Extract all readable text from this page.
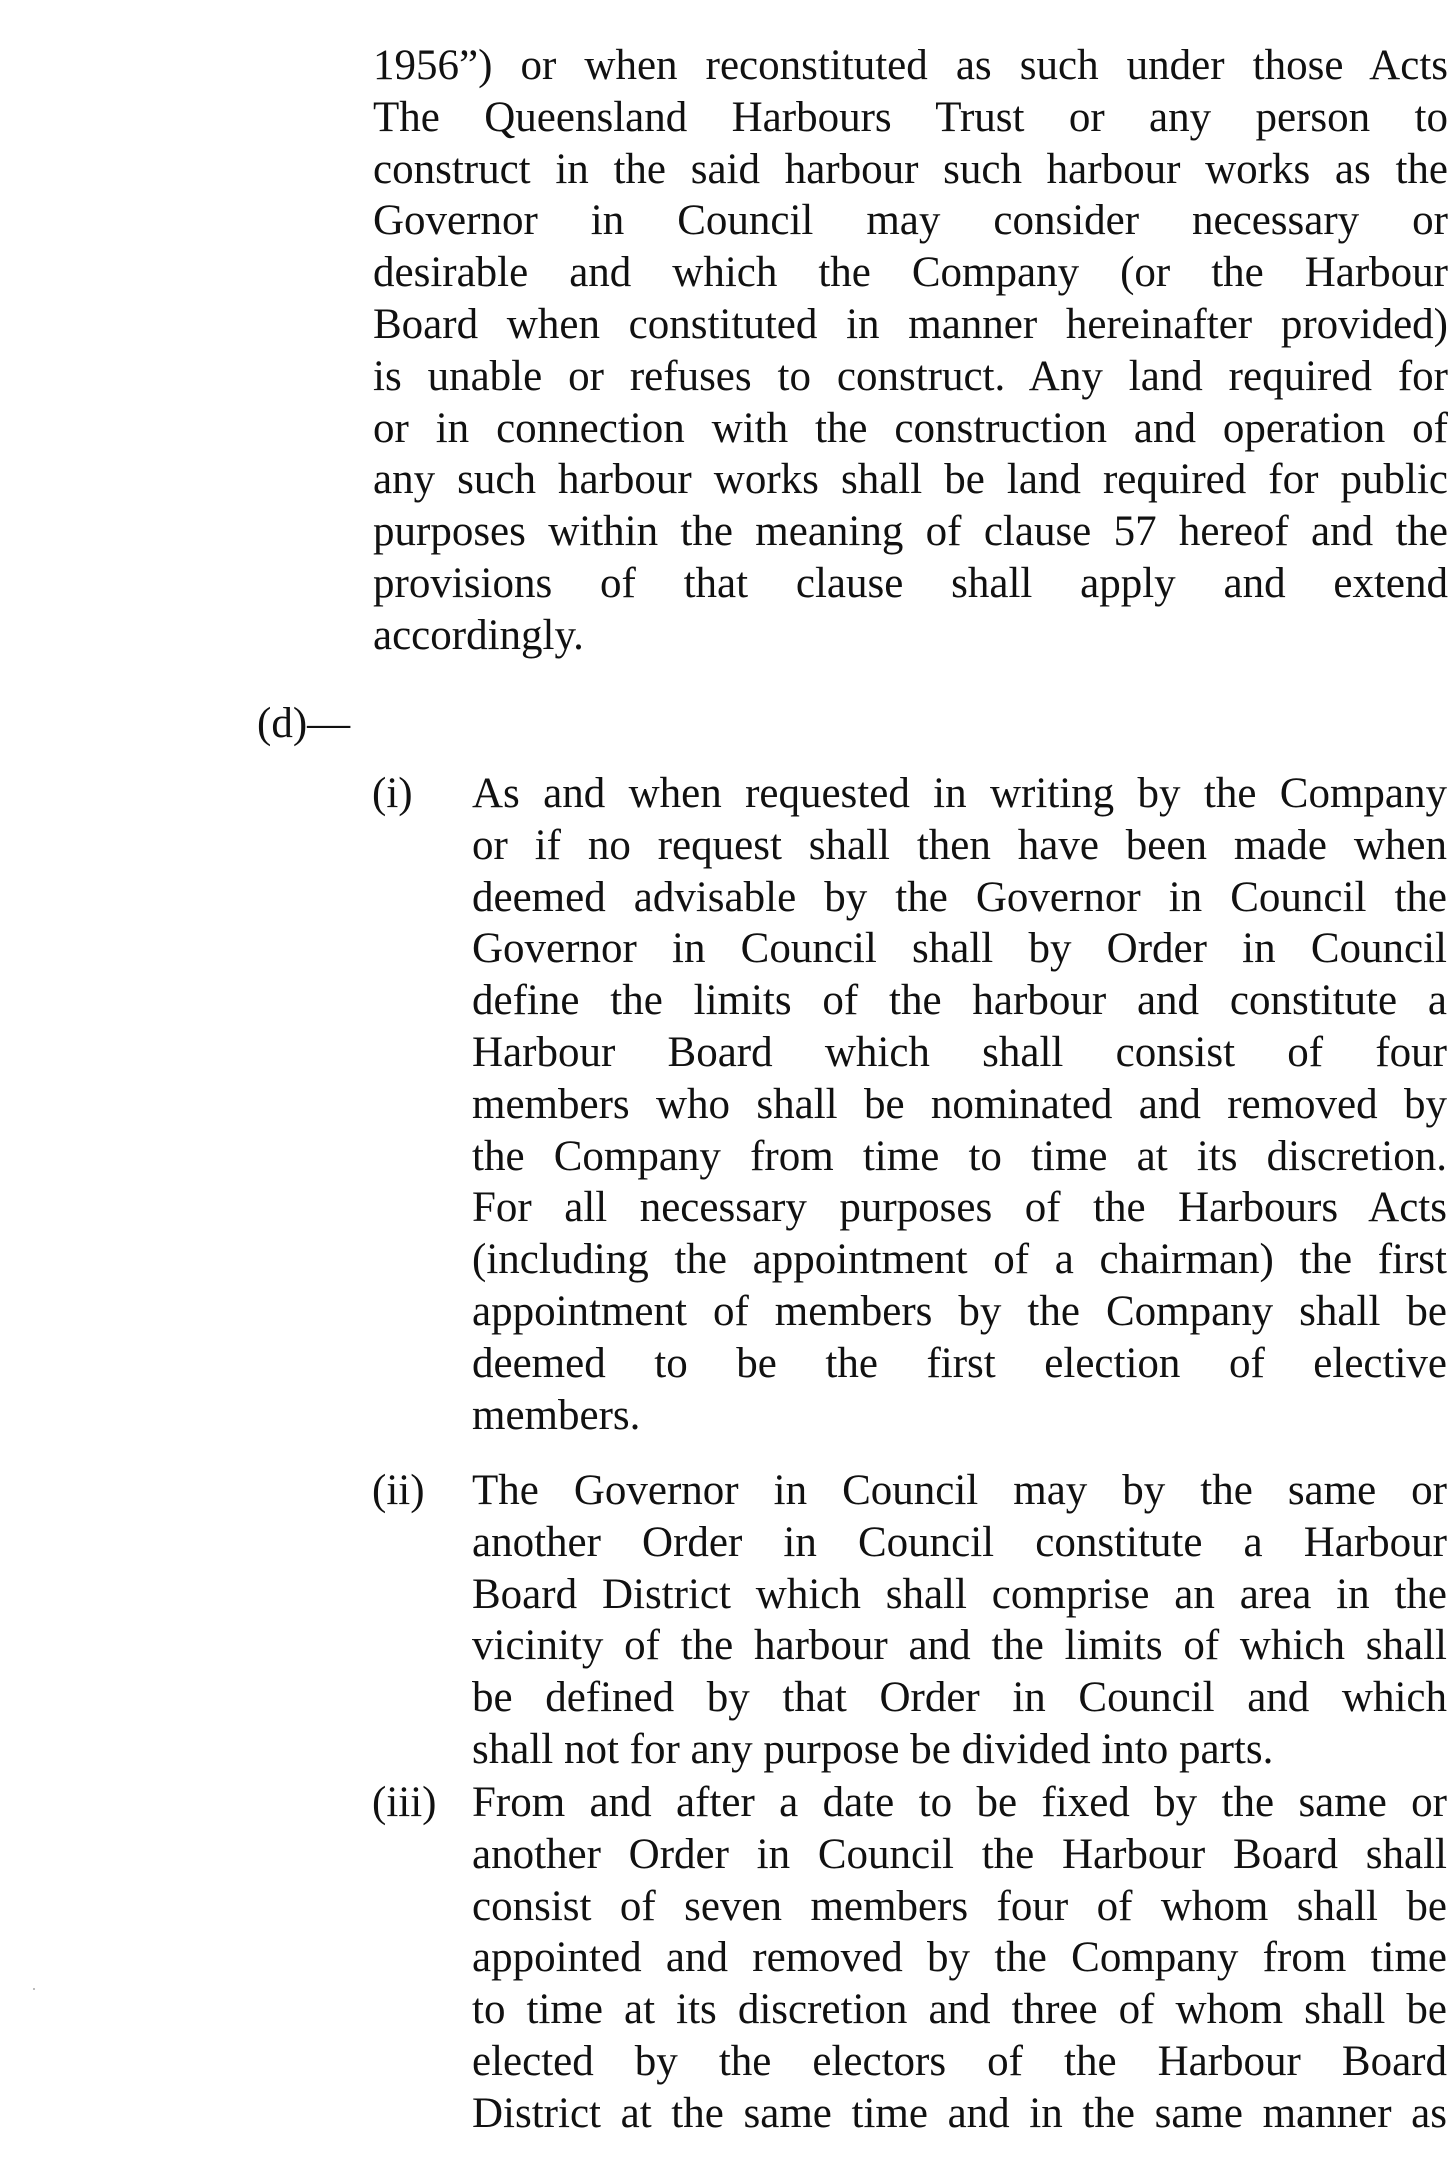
1956”) or when reconstituted as such under those Acts
The Queensland Harbours Trust or any person to
construct in the said harbour such harbour works as the
Governor in Council may consider necessary or
desirable and which the Company (or the Harbour
Board when constituted in manner hereinafter provided)
is unable or refuses to construct. Any land required for
or in connection with the construction and operation of
any such harbour works shall be land required for public
purposes within the meaning of clause 57 hereof and the
provisions of that clause shall apply and extend
accordingly.
(d)—
(i) As and when requested in writing by the Company
or if no request shall then have been made when
deemed advisable by the Governor in Council the
Governor in Council shall by Order in Council
define the limits of the harbour and constitute a
Harbour Board which shall consist of four
members who shall be nominated and removed by
the Company from time to time at its discretion.
For all necessary purposes of the Harbours Acts
(including the appointment of a chairman) the first
appointment of members by the Company shall be
deemed to be the first election of elective
members.
(ii) The Governor in Council may by the same or
another Order in Council constitute a Harbour
Board District which shall comprise an area in the
vicinity of the harbour and the limits of which shall
be defined by that Order in Council and which
shall not for any purpose be divided into parts.
(iii) From and after a date to be fixed by the same or
another Order in Council the Harbour Board shall
consist of seven members four of whom shall be
appointed and removed by the Company from time
to time at its discretion and three of whom shall be
elected by the electors of the Harbour Board
District at the same time and in the same manner as
